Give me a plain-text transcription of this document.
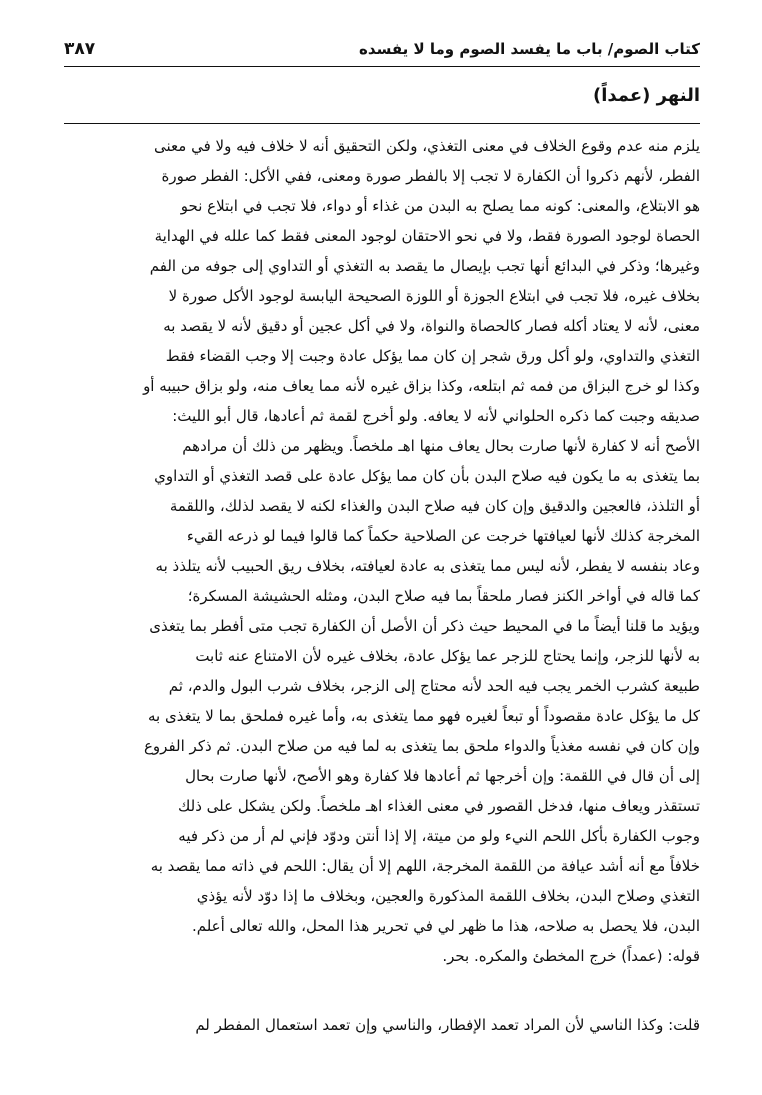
كتاب الصوم/ باب ما يفسد الصوم وما لا يفسده
٣٨٧
النهر (عمداً)
يلزم منه عدم وقوع الخلاف في معنى التغذي، ولكن التحقيق أنه لا خلاف فيه ولا في معنى
الفطر، لأنهم ذكروا أن الكفارة لا تجب إلا بالفطر صورة ومعنى، ففي الأكل: الفطر صورة
هو الابتلاع، والمعنى: كونه مما يصلح به البدن من غذاء أو دواء، فلا تجب في ابتلاع نحو
الحصاة لوجود الصورة فقط، ولا في نحو الاحتقان لوجود المعنى فقط كما علله في الهداية
وغيرها؛ وذكر في البدائع أنها تجب بإيصال ما يقصد به التغذي أو التداوي إلى جوفه من الفم
بخلاف غيره، فلا تجب في ابتلاع الجوزة أو اللوزة الصحيحة اليابسة لوجود الأكل صورة لا
معنى، لأنه لا يعتاد أكله فصار كالحصاة والنواة، ولا في أكل عجين أو دقيق لأنه لا يقصد به
التغذي والتداوي، ولو أكل ورق شجر إن كان مما يؤكل عادة وجبت إلا وجب القضاء فقط
وكذا لو خرج البزاق من فمه ثم ابتلعه، وكذا بزاق غيره لأنه مما يعاف منه، ولو بزاق حبيبه أو
صديقه وجبت كما ذكره الحلواني لأنه لا يعافه. ولو أخرج لقمة ثم أعادها، قال أبو الليث:
الأصح أنه لا كفارة لأنها صارت بحال يعاف منها اهـ ملخصاً. ويظهر من ذلك أن مرادهم
بما يتغذى به ما يكون فيه صلاح البدن بأن كان مما يؤكل عادة على قصد التغذي أو التداوي
أو التلذذ، فالعجين والدقيق وإن كان فيه صلاح البدن والغذاء لكنه لا يقصد لذلك، واللقمة
المخرجة كذلك لأنها لعيافتها خرجت عن الصلاحية حكماً كما قالوا فيما لو ذرعه القيء
وعاد بنفسه لا يفطر، لأنه ليس مما يتغذى به عادة لعيافته، بخلاف ريق الحبيب لأنه يتلذذ به
كما قاله في أواخر الكنز فصار ملحقاً بما فيه صلاح البدن، ومثله الحشيشة المسكرة؛
ويؤيد ما قلنا أيضاً ما في المحيط حيث ذكر أن الأصل أن الكفارة تجب متى أفطر بما يتغذى
به لأنها للزجر، وإنما يحتاج للزجر عما يؤكل عادة، بخلاف غيره لأن الامتناع عنه ثابت
طبيعة كشرب الخمر يجب فيه الحد لأنه محتاج إلى الزجر، بخلاف شرب البول والدم، ثم
كل ما يؤكل عادة مقصوداً أو تبعاً لغيره فهو مما يتغذى به، وأما غيره فملحق بما لا يتغذى به
وإن كان في نفسه مغذياً والدواء ملحق بما يتغذى به لما فيه من صلاح البدن. ثم ذكر الفروع
إلى أن قال في اللقمة: وإن أخرجها ثم أعادها فلا كفارة وهو الأصح، لأنها صارت بحال
تستقذر ويعاف منها، فدخل القصور في معنى الغذاء اهـ ملخصاً. ولكن يشكل على ذلك
وجوب الكفارة بأكل اللحم النيء ولو من ميتة، إلا إذا أنتن ودوّد فإني لم أر من ذكر فيه
خلافاً مع أنه أشد عيافة من اللقمة المخرجة، اللهم إلا أن يقال: اللحم في ذاته مما يقصد به
التغذي وصلاح البدن، بخلاف اللقمة المذكورة والعجين، وبخلاف ما إذا دوّد لأنه يؤذي
البدن، فلا يحصل به صلاحه، هذا ما ظهر لي في تحرير هذا المحل، والله تعالى أعلم.
قوله: (عمداً) خرج المخطئ والمكره. بحر.
قلت: وكذا الناسي لأن المراد تعمد الإفطار، والناسي وإن تعمد استعمال المفطر لم
